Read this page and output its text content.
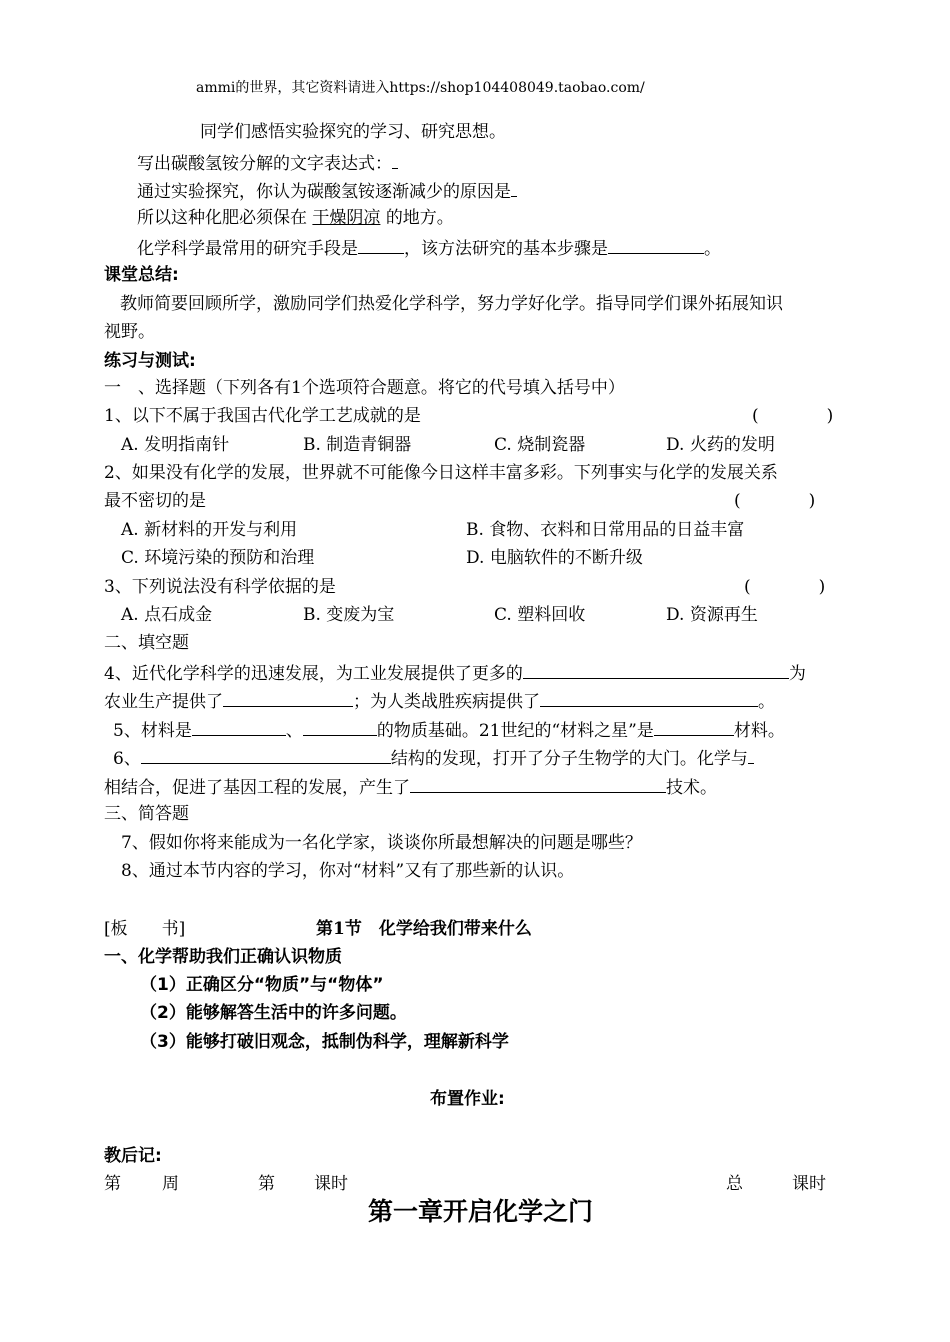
ammi的世界，其它资料请进入https://shop104408049.taobao.com/
同学们感悟实验探究的学习、研究思想。
写出碳酸氢铵分解的文字表达式：
通过实验探究，你认为碳酸氢铵逐渐减少的原因是
所以这种化肥必须保在 干燥阴凉 的地方。
化学科学最常用的研究手段是	，该方法研究的基本步骤是	。
课堂总结:
教师简要回顾所学，激励同学们热爱化学科学，努力学好化学。指导同学们课外拓展知识
视野。
练习与测试:
一　、选择题（下列各有1个选项符合题意。将它的代号填入括号中）
1、以下不属于我国古代化学工艺成就的是	(　　　　)
A. 发明指南针	B. 制造青铜器	C. 烧制瓷器	D. 火药的发明
2、如果没有化学的发展，世界就不可能像今日这样丰富多彩。下列事实与化学的发展关系
最不密切的是	(　　　　)
A. 新材料的开发与利用	B. 食物、衣料和日常用品的日益丰富
C. 环境污染的预防和治理	D. 电脑软件的不断升级
3、下列说法没有科学依据的是	(　　　　)
A. 点石成金	B. 变废为宝	C. 塑料回收	D. 资源再生
二、填空题
4、近代化学科学的迅速发展，为工业发展提供了更多的	为
农业生产提供了	；为人类战胜疾病提供了	。
5、材料是	、	的物质基础。21世纪的“材料之星”是	材料。
6、	结构的发现，打开了分子生物学的大门。化学与
相结合，促进了基因工程的发展，产生了	技术。
三、简答题
7、假如你将来能成为一名化学家，谈谈你所最想解决的问题是哪些？
8、通过本节内容的学习，你对“材料”又有了那些新的认识。
[板　　书]	第1节　化学给我们带来什么
一、化学帮助我们正确认识物质
（1）正确区分“物质”与“物体”
（2）能够解答生活中的许多问题。
（3）能够打破旧观念，抵制伪科学，理解新科学
布置作业:
教后记:
第 周	第 课时	总	课时
第一章开启化学之门
